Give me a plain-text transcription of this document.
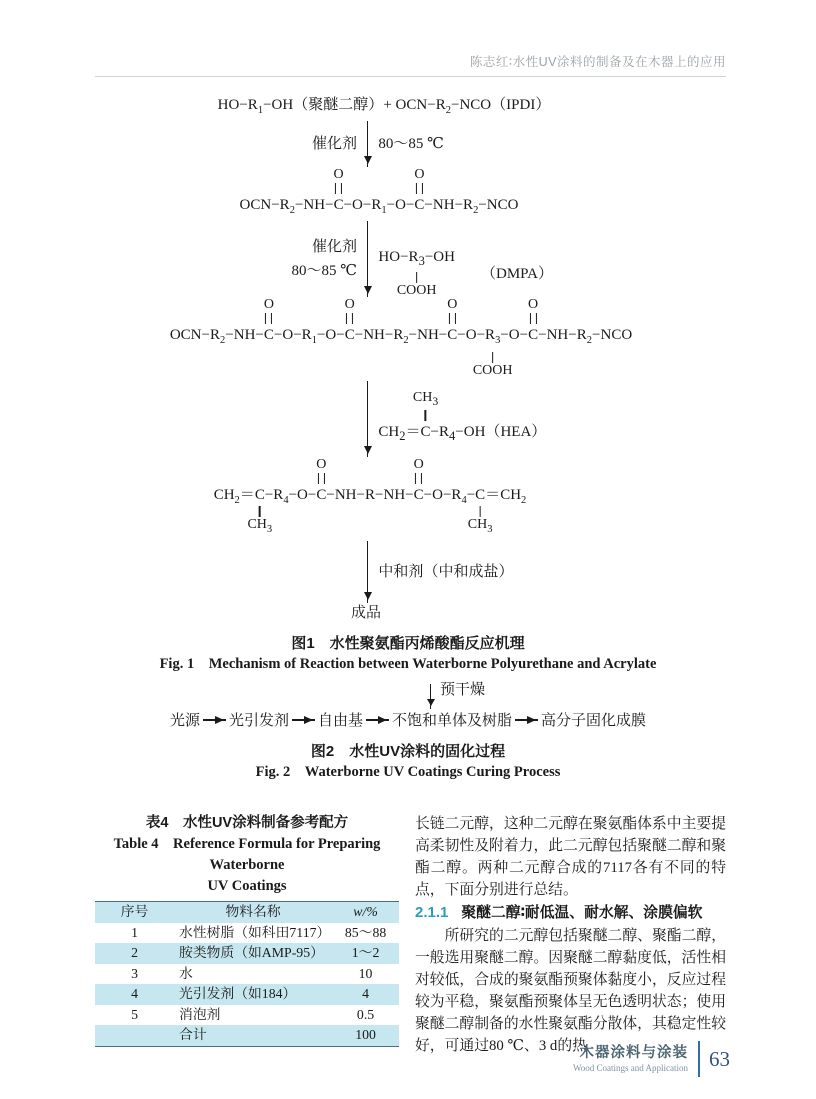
陈志红∶水性UV涂料的制备及在木器上的应用
$HO-R_1-OH$（聚醚二醇）+ $OCN-R_2-NCO(IPDI)$
催化剂 80～85 ℃
$OCN-R_2-NH-C$
O
$-O-R_1-O-C$
O
$-NH-R_2-NCO$
催化剂
80～85 ℃
$HO-R_3$
COOH
−OH（DMPA）
$OCN-R_2-NH-C$
O
$-O-R_1-O-C$
O
$-NH-R_2-NH-C$
O
$-O-R_3$
COOH
−O−C
O
$-NH-R_2-NCO$
$CH_2=C$
$CH_3$
$-R_4-OH(HEA)$
$CH_2=C$
$CH_3$
$-R_4-O-C$
O
−NH−R−NH−C
O
$-O-R_4-C$
$CH_3$
$=CH_2$
中和剂（中和成盐）
成品
图1　水性聚氨酯丙烯酸酯反应机理
Fig. 1　Mechanism of Reaction between Waterborne Polyurethane and Acrylate
光源 光引发剂 自由基 不饱和单体及树脂
预干燥
高分子固化成膜
图2　水性UV涂料的固化过程
Fig. 2　Waterborne UV Coatings Curing Process
表4　水性UV涂料制备参考配方
Table 4　Reference Formula for Preparing Waterborne
UV Coatings
序号	物料名称	w/%
1	水性树脂（如科田7117）	85～88
2	胺类物质（如AMP-95）	1～2
3	水	10
4	光引发剂（如184）	4
5	消泡剂	0.5
	合计	100

长链二元醇，这种二元醇在聚氨酯体系中主要提高柔韧性及附着力，此二元醇包括聚醚二醇和聚酯二醇。两种二元醇合成的7117各有不同的特点，下面分别进行总结。

2.1.1 聚醚二醇∶耐低温、耐水解、涂膜偏软

所研究的二元醇包括聚醚二醇、聚酯二醇，一般选用聚醚二醇。因聚醚二醇黏度低，活性相对较低，合成的聚氨酯预聚体黏度小，反应过程较为平稳，聚氨酯预聚体呈无色透明状态；使用聚醚二醇制备的水性聚氨酯分散体，其稳定性较好，可通过80 ℃、3 d的热

木器涂料与涂装
Wood Coatings and Application 63
